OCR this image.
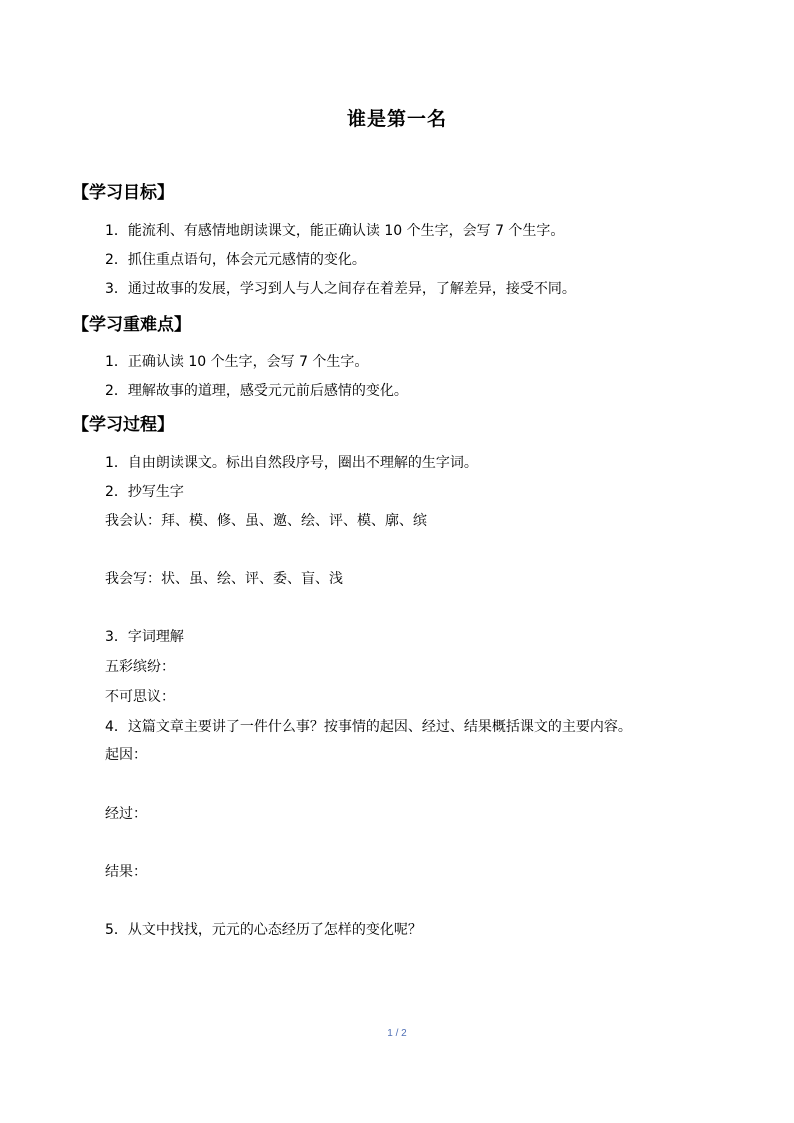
谁是第一名
【学习目标】
1．能流利、有感情地朗读课文，能正确认读 10 个生字，会写 7 个生字。
2．抓住重点语句，体会元元感情的变化。
3．通过故事的发展，学习到人与人之间存在着差异，了解差异，接受不同。
【学习重难点】
1．正确认读 10 个生字，会写 7 个生字。
2．理解故事的道理，感受元元前后感情的变化。
【学习过程】
1．自由朗读课文。标出自然段序号，圈出不理解的生字词。
2．抄写生字
我会认：拜、模、修、虽、邀、绘、评、模、廓、缤
我会写：状、虽、绘、评、委、盲、浅
3．字词理解
五彩缤纷：
不可思议：
4．这篇文章主要讲了一件什么事？按事情的起因、经过、结果概括课文的主要内容。
起因：
经过：
结果：
5．从文中找找，元元的心态经历了怎样的变化呢？
1 / 2
